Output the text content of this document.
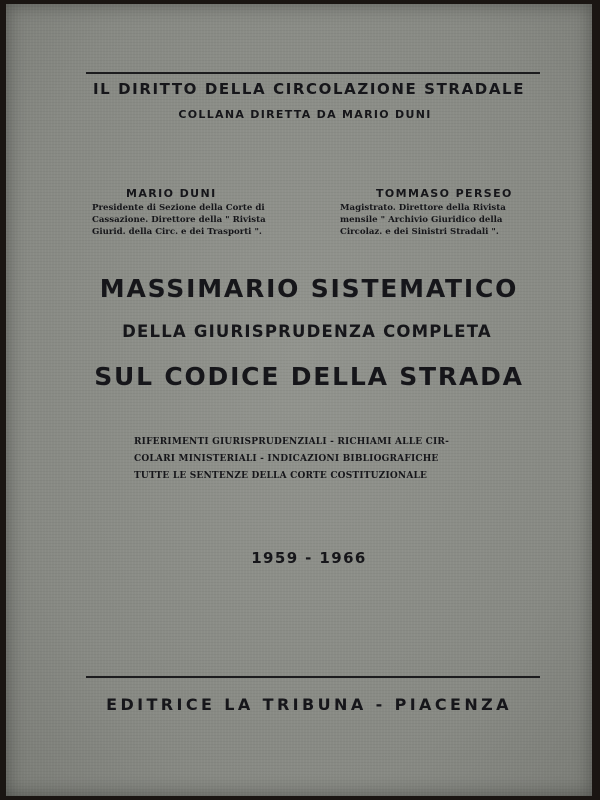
IL DIRITTO DELLA CIRCOLAZIONE STRADALE
COLLANA DIRETTA DA MARIO DUNI
MARIO DUNI
Presidente di Sezione della Corte di
Cassazione. Direttore della " Rivista
Giurid. della Circ. e dei Trasporti ".
TOMMASO PERSEO
Magistrato. Direttore della Rivista
mensile " Archivio Giuridico della
Circolaz. e dei Sinistri Stradali ".
MASSIMARIO SISTEMATICO
DELLA GIURISPRUDENZA COMPLETA
SUL CODICE DELLA STRADA
RIFERIMENTI GIURISPRUDENZIALI - RICHIAMI ALLE CIR-
COLARI MINISTERIALI - INDICAZIONI BIBLIOGRAFICHE
TUTTE LE SENTENZE DELLA CORTE COSTITUZIONALE
1959 - 1966
EDITRICE LA TRIBUNA - PIACENZA
